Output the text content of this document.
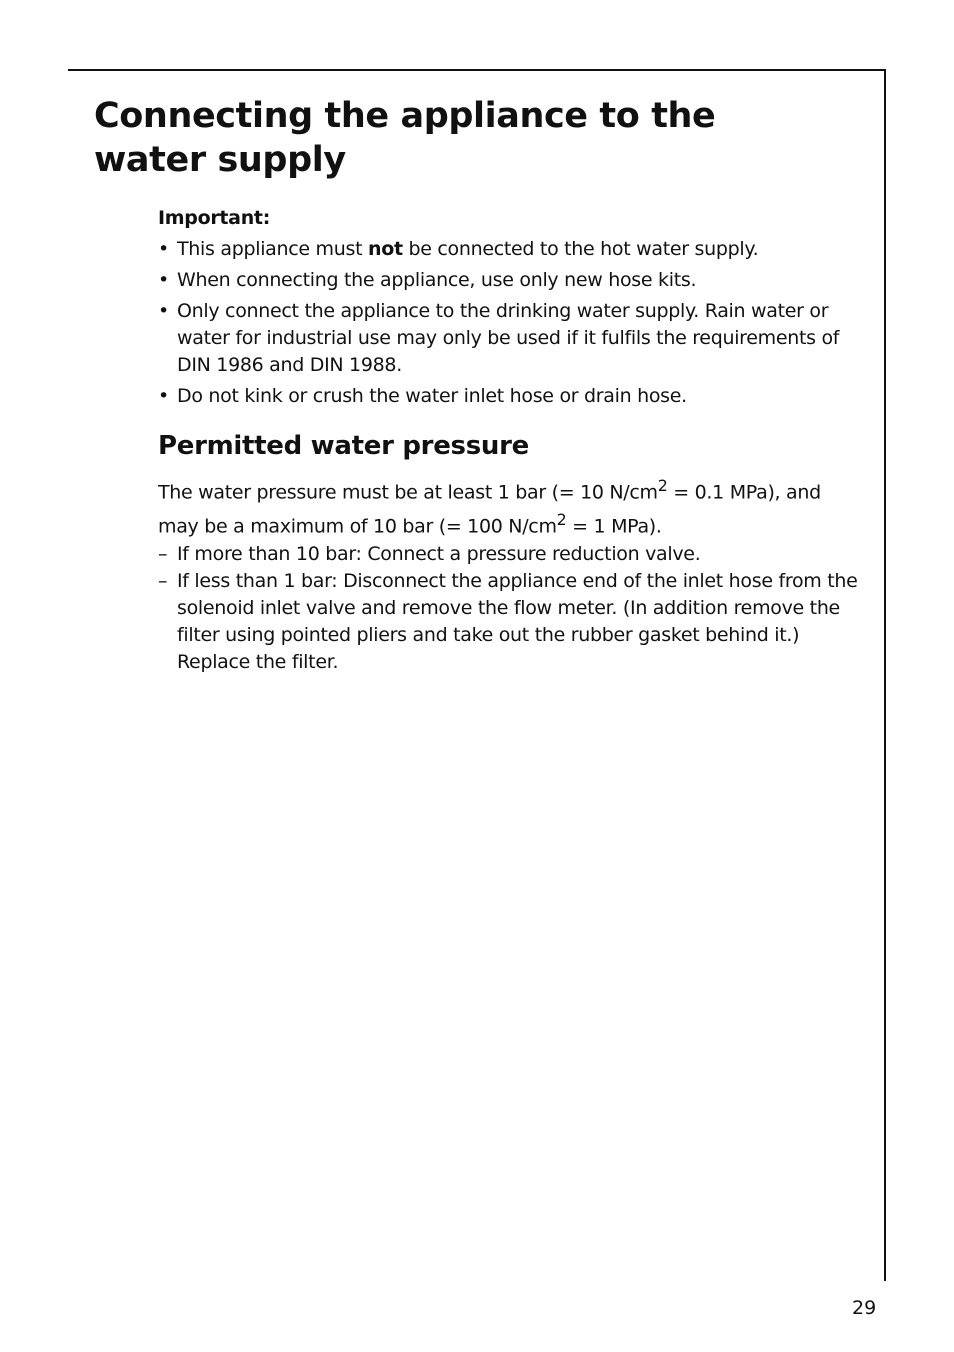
Connecting the appliance to the water supply
Important:
• This appliance must not be connected to the hot water supply.
• When connecting the appliance, use only new hose kits.
• Only connect the appliance to the drinking water supply. Rain water or water for industrial use may only be used if it fulfils the requirements of DIN 1986 and DIN 1988.
• Do not kink or crush the water inlet hose or drain hose.
Permitted water pressure

The water pressure must be at least 1 bar (= 10 $N/cm^2 = 0.1$ MPa), and may be a maximum of 10 bar (= 100 $N/cm^2 = 1$ MPa).

– If more than 10 bar: Connect a pressure reduction valve.
– If less than 1 bar: Disconnect the appliance end of the inlet hose from the solenoid inlet valve and remove the flow meter. (In addition remove the filter using pointed pliers and take out the rubber gasket behind it.) Replace the filter.
29
